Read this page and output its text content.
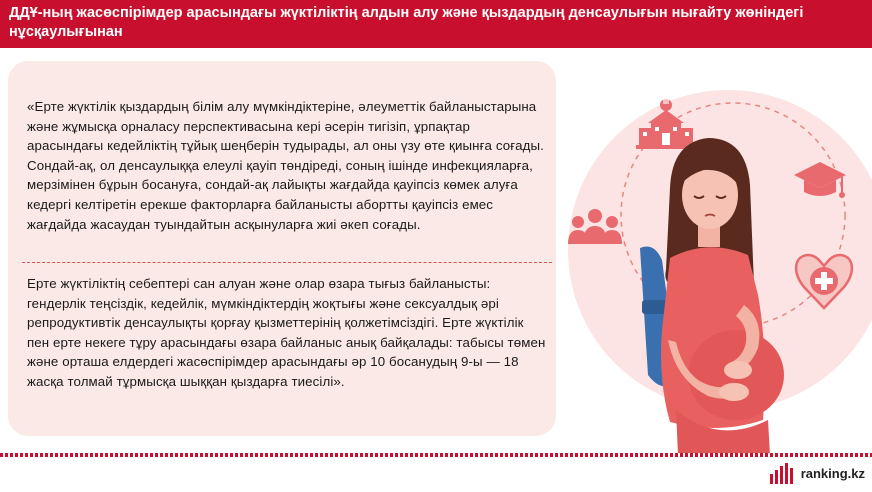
ДДҰ-ның жасөспірімдер арасындағы жүктіліктің алдын алу және қыздардың денсаулығын нығайту жөніндегі нұсқаулығынан
«Ерте жүктілік қыздардың білім алу мүмкіндіктеріне, әлеуметтік байланыстарына және жұмысқа орналасу перспективасына кері әсерін тигізіп, ұрпақтар арасындағы кедейліктің тұйық шеңберін тудырады, ал оны үзу өте қиынға соғады. Сондай-ақ, ол денсаулыққа елеулі қауіп төндіреді, соның ішінде инфекцияларға, мерзімінен бұрын босануға, сондай-ақ лайықты жағдайда қауіпсіз көмек алуға кедергі келтіретін ерекше факторларға байланысты абортты қауіпсіз емес жағдайда жасаудан туындайтын асқынуларға жиі әкеп соғады.
Ерте жүктіліктің себептері сан алуан және олар өзара тығыз байланысты: гендерлік теңсіздік, кедейлік, мүмкіндіктердің жоқтығы және сексуалдық әрі репродуктивтік денсаулықты қорғау қызметтерінің қолжетімсіздігі. Ерте жүктілік пен ерте некеге тұру арасындағы өзара байланыс анық байқалады: табысы төмен және орташа елдердегі жасөспірімдер арасындағы әр 10 босанудың 9-ы — 18 жасқа толмай тұрмысқа шыққан қыздарға тиесілі».
ranking.kz
